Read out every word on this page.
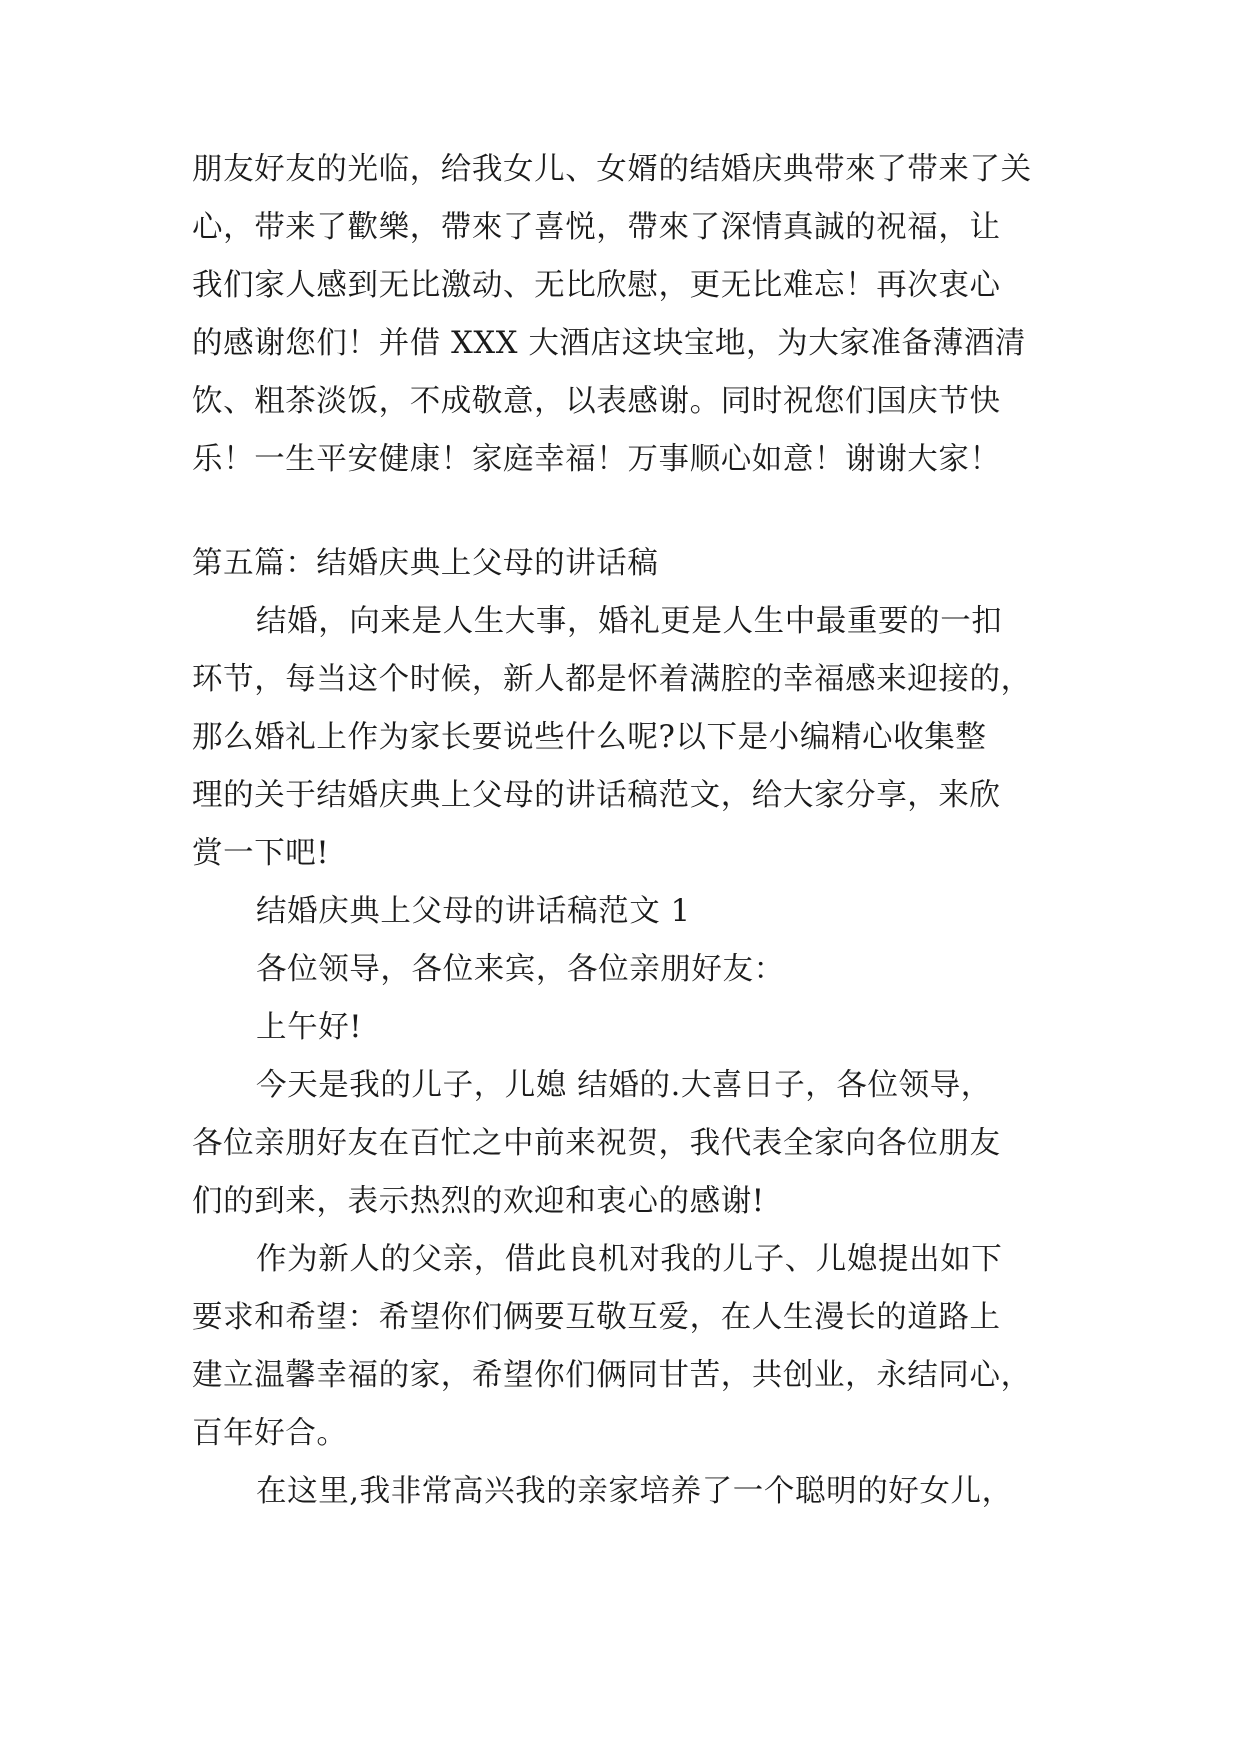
朋友好友的光临，给我女儿、女婿的结婚庆典带來了带来了关
心，带来了歡樂，帶來了喜悦，帶來了深情真誠的祝福，让
我们家人感到无比激动、无比欣慰，更无比难忘！再次衷心
的感谢您们！并借 XXX 大酒店这块宝地，为大家准备薄酒清
饮、粗茶淡饭，不成敬意，以表感谢。同时祝您们国庆节快
乐！一生平安健康！家庭幸福！万事顺心如意！谢谢大家！
第五篇：结婚庆典上父母的讲话稿
结婚，向来是人生大事，婚礼更是人生中最重要的一扣
环节，每当这个时候，新人都是怀着满腔的幸福感来迎接的，
那么婚礼上作为家长要说些什么呢?以下是小编精心收集整
理的关于结婚庆典上父母的讲话稿范文，给大家分享，来欣
赏一下吧!
结婚庆典上父母的讲话稿范文 1
各位领导，各位来宾，各位亲朋好友：
上午好!
今天是我的儿子，儿媳 结婚的.大喜日子，各位领导，
各位亲朋好友在百忙之中前来祝贺，我代表全家向各位朋友
们的到来，表示热烈的欢迎和衷心的感谢!
作为新人的父亲，借此良机对我的儿子、儿媳提出如下
要求和希望：希望你们俩要互敬互爱，在人生漫长的道路上
建立温馨幸福的家，希望你们俩同甘苦，共创业，永结同心，
百年好合。
在这里,我非常高兴我的亲家培养了一个聪明的好女儿，
